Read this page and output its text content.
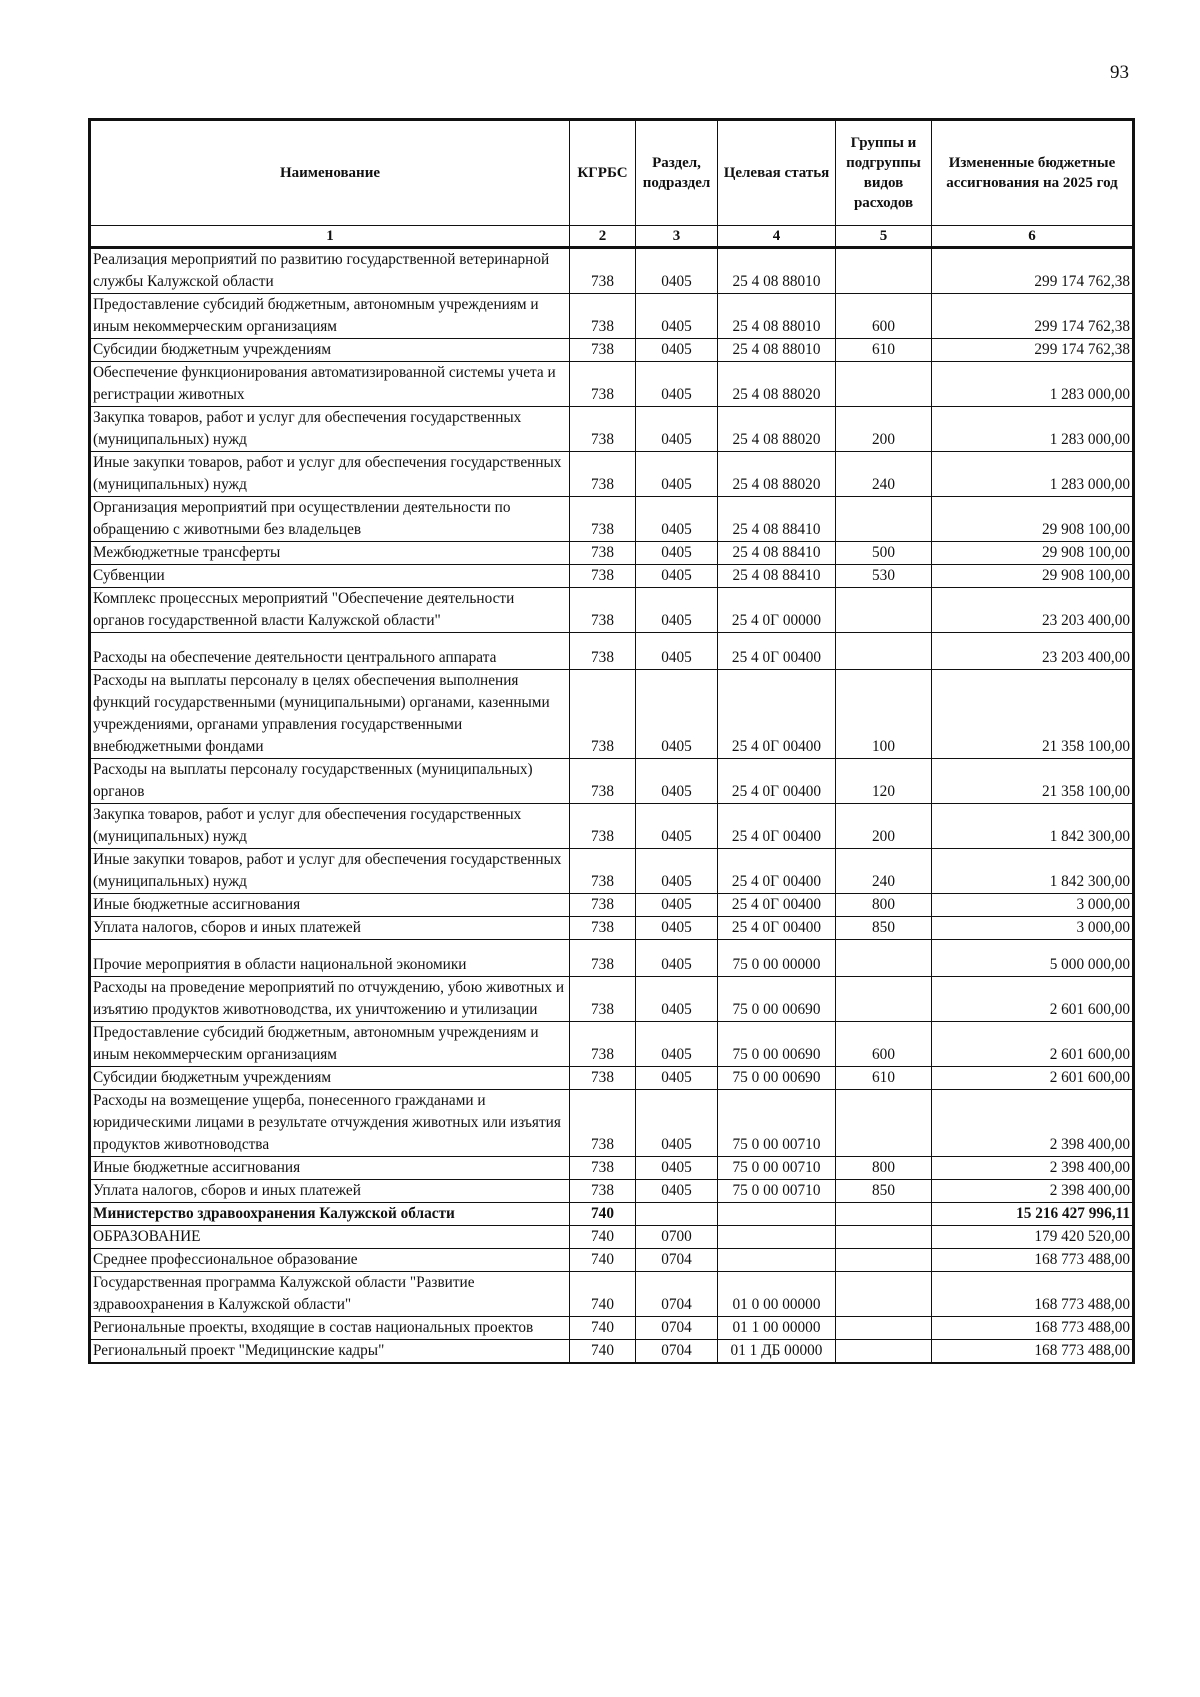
93
Наименование	КГРБС	Раздел, подраздел	Целевая статья	Группы и подгруппы видов расходов	Измененные бюджетные ассигнования на 2025 год
1	2	3	4	5	6
Реализация мероприятий по развитию государственной ветеринарной службы Калужской области	738	0405	25 4 08 88010		299 174 762,38
Предоставление субсидий бюджетным, автономным учреждениям и иным некоммерческим организациям	738	0405	25 4 08 88010	600	299 174 762,38
Субсидии бюджетным учреждениям	738	0405	25 4 08 88010	610	299 174 762,38
Обеспечение функционирования автоматизированной системы учета и регистрации животных	738	0405	25 4 08 88020		1 283 000,00
Закупка товаров, работ и услуг для обеспечения государственных (муниципальных) нужд	738	0405	25 4 08 88020	200	1 283 000,00
Иные закупки товаров, работ и услуг для обеспечения государственных (муниципальных) нужд	738	0405	25 4 08 88020	240	1 283 000,00
Организация мероприятий при осуществлении деятельности по обращению с животными без владельцев	738	0405	25 4 08 88410		29 908 100,00
Межбюджетные трансферты	738	0405	25 4 08 88410	500	29 908 100,00
Субвенции	738	0405	25 4 08 88410	530	29 908 100,00
Комплекс процессных мероприятий "Обеспечение деятельности органов государственной власти Калужской области"	738	0405	25 4 0Г 00000		23 203 400,00
Расходы на обеспечение деятельности центрального аппарата	738	0405	25 4 0Г 00400		23 203 400,00
Расходы на выплаты персоналу в целях обеспечения выполнения функций государственными (муниципальными) органами, казенными учреждениями, органами управления государственными внебюджетными фондами	738	0405	25 4 0Г 00400	100	21 358 100,00
Расходы на выплаты персоналу государственных (муниципальных) органов	738	0405	25 4 0Г 00400	120	21 358 100,00
Закупка товаров, работ и услуг для обеспечения государственных (муниципальных) нужд	738	0405	25 4 0Г 00400	200	1 842 300,00
Иные закупки товаров, работ и услуг для обеспечения государственных (муниципальных) нужд	738	0405	25 4 0Г 00400	240	1 842 300,00
Иные бюджетные ассигнования	738	0405	25 4 0Г 00400	800	3 000,00
Уплата налогов, сборов и иных платежей	738	0405	25 4 0Г 00400	850	3 000,00
Прочие мероприятия в области национальной экономики	738	0405	75 0 00 00000		5 000 000,00
Расходы на проведение мероприятий по отчуждению, убою животных и изъятию продуктов животноводства, их уничтожению и утилизации	738	0405	75 0 00 00690		2 601 600,00
Предоставление субсидий бюджетным, автономным учреждениям и иным некоммерческим организациям	738	0405	75 0 00 00690	600	2 601 600,00
Субсидии бюджетным учреждениям	738	0405	75 0 00 00690	610	2 601 600,00
Расходы на возмещение ущерба, понесенного гражданами и юридическими лицами в результате отчуждения животных или изъятия продуктов животноводства	738	0405	75 0 00 00710		2 398 400,00
Иные бюджетные ассигнования	738	0405	75 0 00 00710	800	2 398 400,00
Уплата налогов, сборов и иных платежей	738	0405	75 0 00 00710	850	2 398 400,00
Министерство здравоохранения Калужской области	740				15 216 427 996,11
ОБРАЗОВАНИЕ	740	0700			179 420 520,00
Среднее профессиональное образование	740	0704			168 773 488,00
Государственная программа Калужской области "Развитие здравоохранения в Калужской области"	740	0704	01 0 00 00000		168 773 488,00
Региональные проекты, входящие в состав национальных проектов	740	0704	01 1 00 00000		168 773 488,00
Региональный проект "Медицинские кадры"	740	0704	01 1 ДБ 00000		168 773 488,00
